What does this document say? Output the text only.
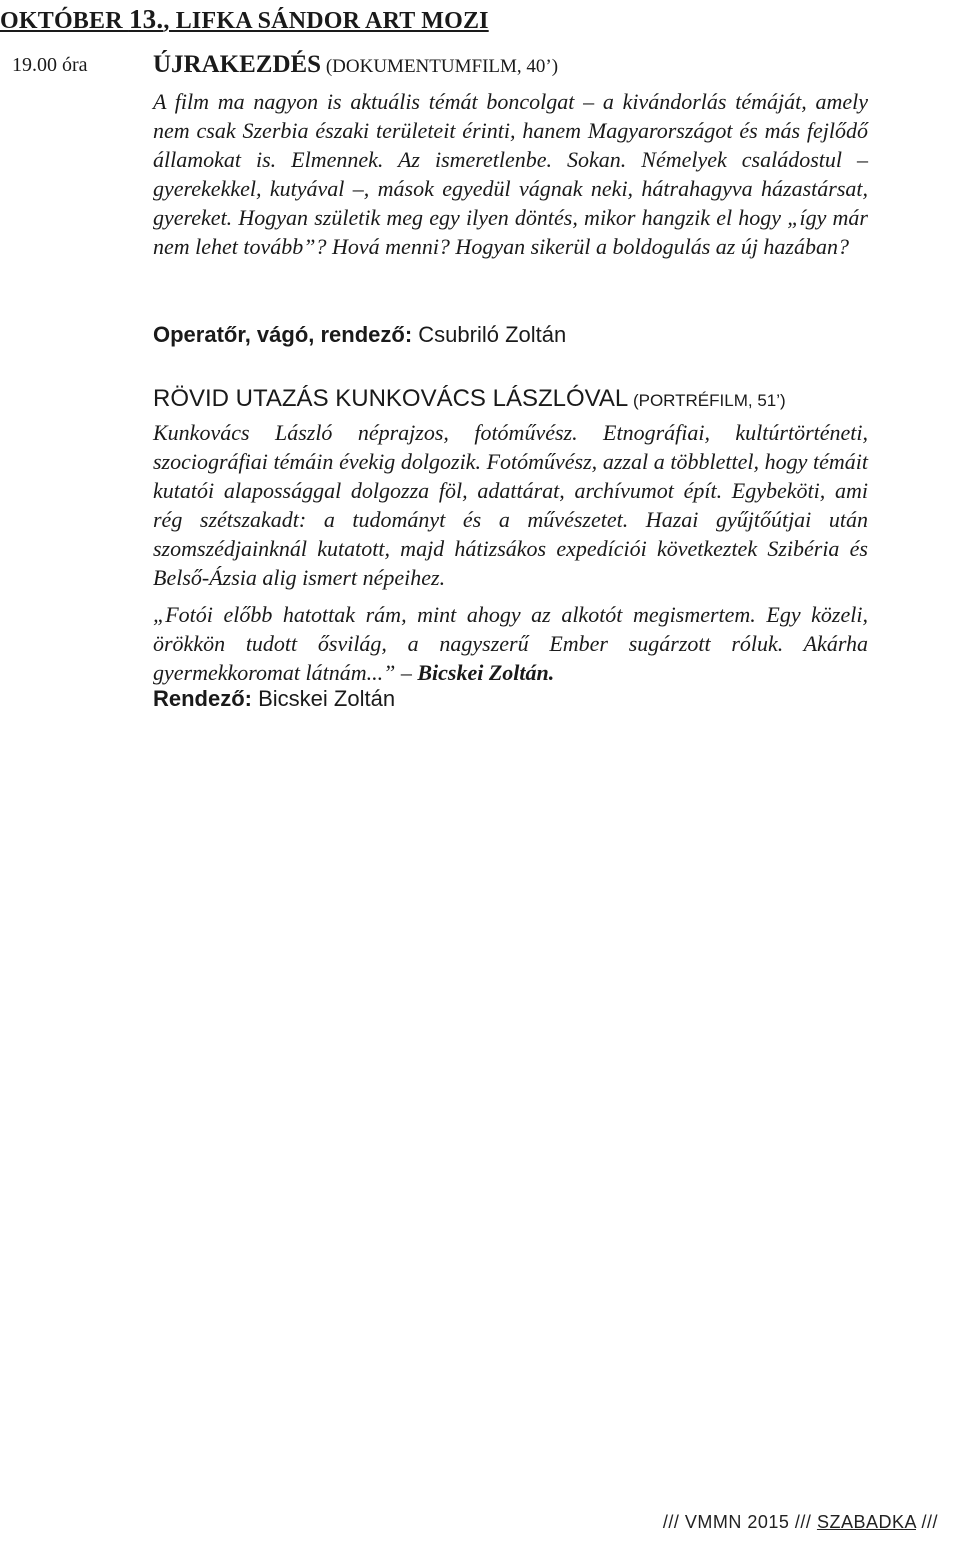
OKTÓBER 13., LIFKA SÁNDOR ART MOZI
19.00 óra	ÚJRAKEZDÉS (DOKUMENTUMFILM, 40’)
A film ma nagyon is aktuális témát boncolgat – a kivándorlás témáját, amely nem csak Szerbia északi területeit érinti, hanem Magyarországot és más fejlődő államokat is. Elmennek. Az ismeretlenbe. Sokan. Némelyek családostul – gyerekekkel, kutyával –, mások egyedül vágnak neki, hátrahagyva házastársat, gyereket. Hogyan születik meg egy ilyen döntés, mikor hangzik el hogy „így már nem lehet tovább”? Hová menni? Hogyan sikerül a boldogulás az új hazában?
Operatőr, vágó, rendező: Csubriló Zoltán
RÖVID UTAZÁS KUNKOVÁCS LÁSZLÓVAL (PORTRÉFILM, 51’)
Kunkovács László néprajzos, fotóművész. Etnográfiai, kultúrtörténeti, szociográfiai témáin évekig dolgozik. Fotóművész, azzal a többlettel, hogy témáit kutatói alapossággal dolgozza föl, adattárat, archívumot épít. Egybeköti, ami rég szétszakadt: a tudományt és a művészetet. Hazai gyűjtőútjai után szomszédjainknál kutatott, majd hátizsákos expedíciói következtek Szibéria és Belső-Ázsia alig ismert népeihez.
„Fotói előbb hatottak rám, mint ahogy az alkotót megismertem. Egy közeli, örökkön tudott ősvilág, a nagyszerű Ember sugárzott róluk. Akárha gyermekkoromat látnám...” – Bicskei Zoltán.
Rendező: Bicskei Zoltán
/// VMMN 2015 /// SZABADKA ///
